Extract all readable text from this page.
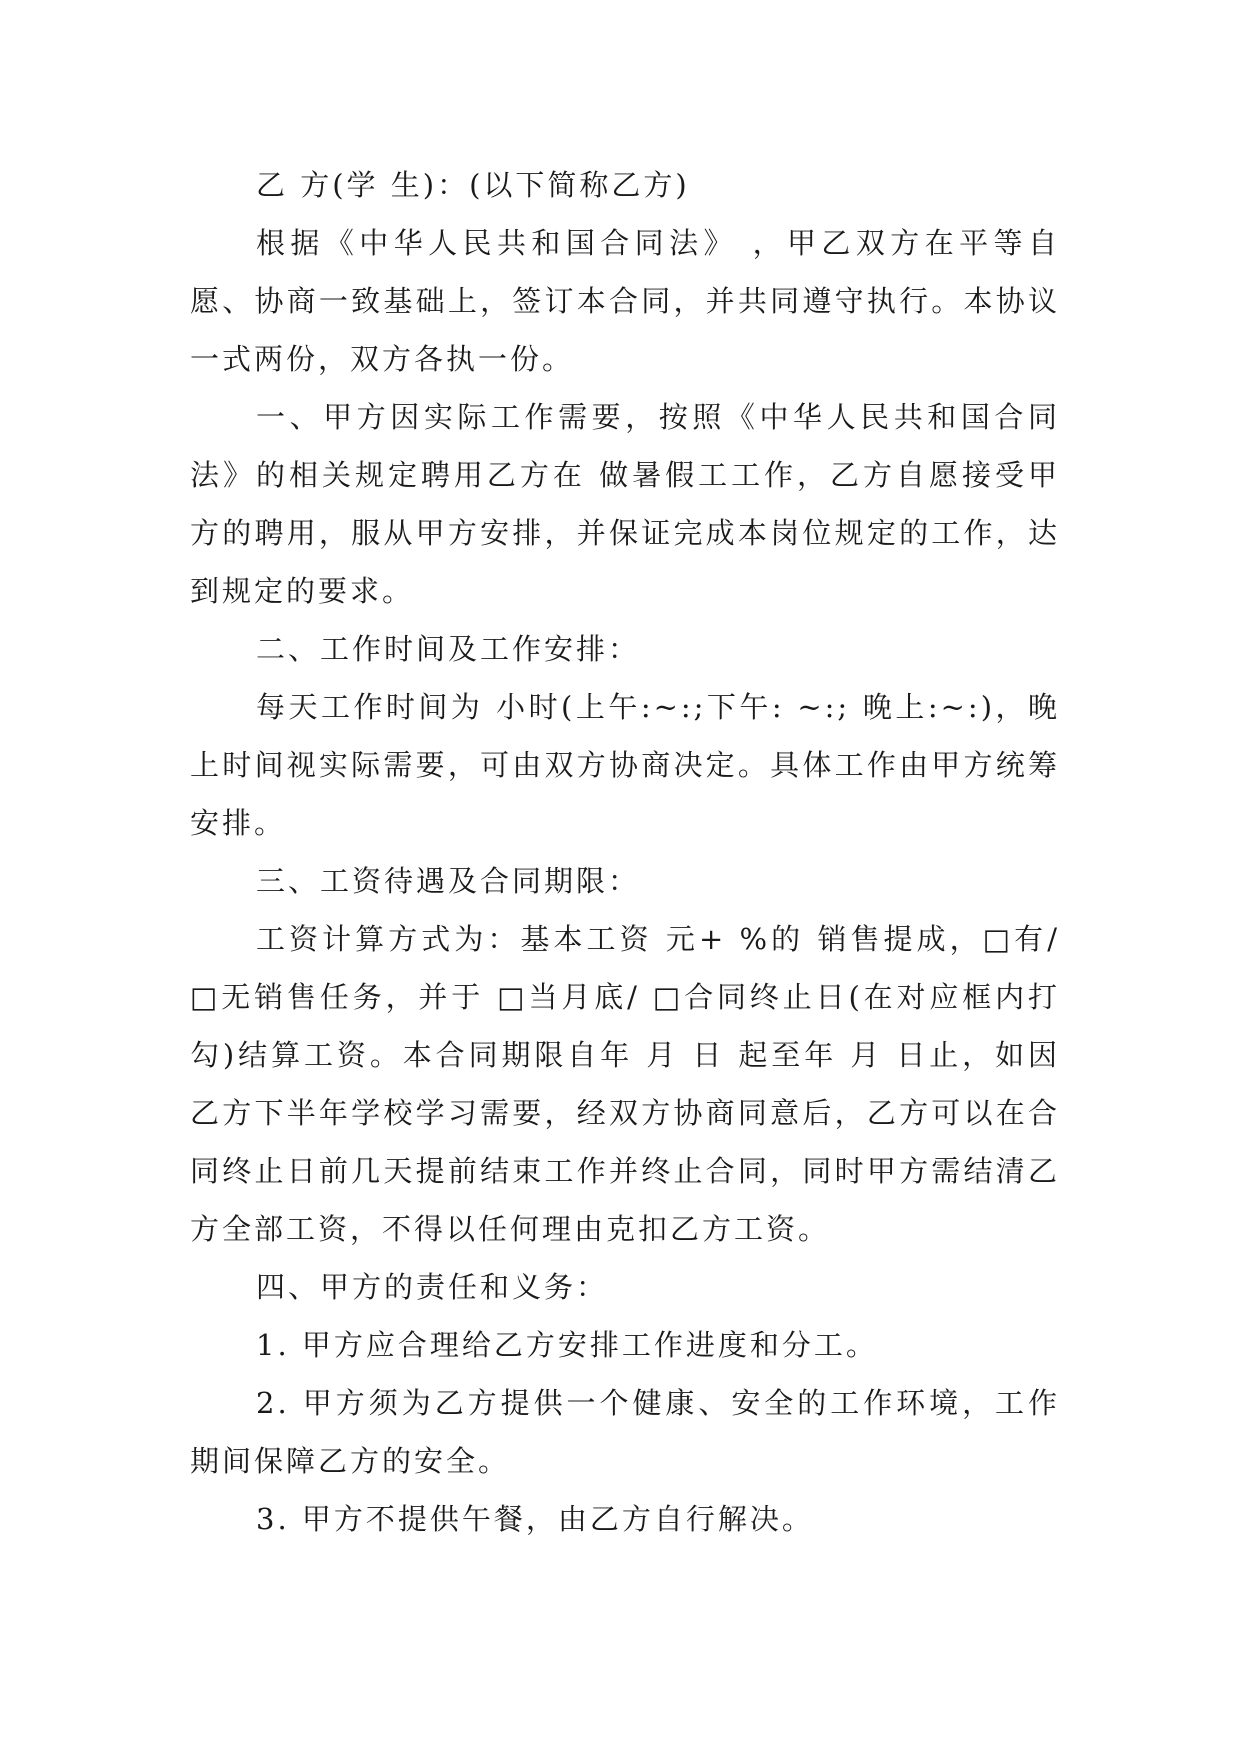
乙 方(学 生)：(以下简称乙方)

根据《中华人民共和国合同法》 ，甲乙双方在平等自愿、协商一致基础上，签订本合同，并共同遵守执行。本协议一式两份，双方各执一份。

一、甲方因实际工作需要，按照《中华人民共和国合同法》的相关规定聘用乙方在 做暑假工工作，乙方自愿接受甲方的聘用，服从甲方安排，并保证完成本岗位规定的工作，达到规定的要求。

二、工作时间及工作安排：

每天工作时间为 小时(上午:~:;下午: ~:; 晚上:~:)，晚上时间视实际需要，可由双方协商决定。具体工作由甲方统筹安排。

三、工资待遇及合同期限：

工资计算方式为：基本工资 元+ %的 销售提成，□有/□无销售任务，并于 □当月底/ □合同终止日(在对应框内打勾)结算工资。本合同期限自年 月 日 起至年 月 日止，如因乙方下半年学校学习需要，经双方协商同意后，乙方可以在合同终止日前几天提前结束工作并终止合同，同时甲方需结清乙方全部工资，不得以任何理由克扣乙方工资。

四、甲方的责任和义务：

1. 甲方应合理给乙方安排工作进度和分工。

2. 甲方须为乙方提供一个健康、安全的工作环境，工作期间保障乙方的安全。

3. 甲方不提供午餐，由乙方自行解决。
